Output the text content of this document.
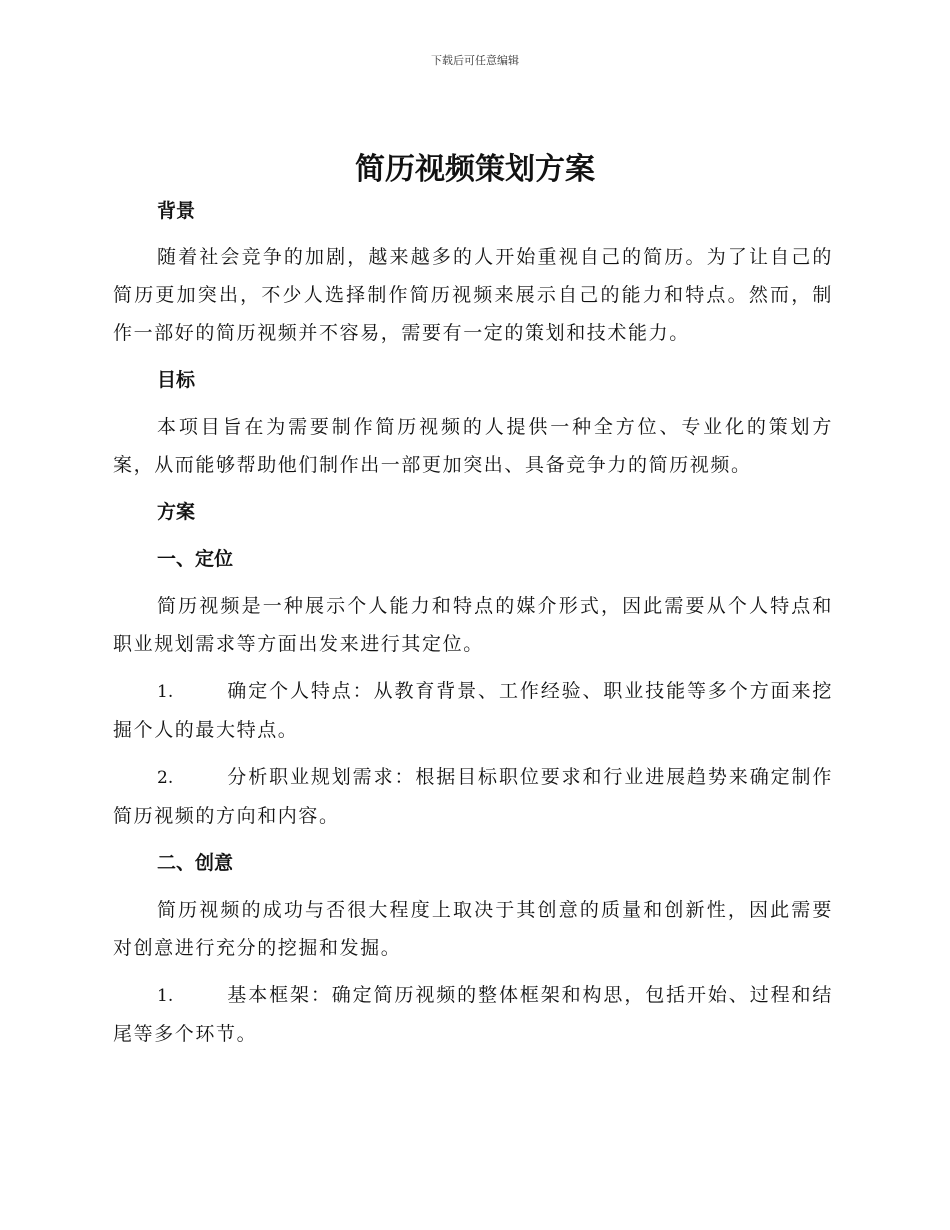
下载后可任意编辑
简历视频策划方案

背景

随着社会竞争的加剧，越来越多的人开始重视自己的简历。为了让自己的简历更加突出，不少人选择制作简历视频来展示自己的能力和特点。然而，制作一部好的简历视频并不容易，需要有一定的策划和技术能力。

目标

本项目旨在为需要制作简历视频的人提供一种全方位、专业化的策划方案，从而能够帮助他们制作出一部更加突出、具备竞争力的简历视频。

方案

一、定位

简历视频是一种展示个人能力和特点的媒介形式，因此需要从个人特点和职业规划需求等方面出发来进行其定位。

1.	确定个人特点：从教育背景、工作经验、职业技能等多个方面来挖掘个人的最大特点。

2.	分析职业规划需求：根据目标职位要求和行业进展趋势来确定制作简历视频的方向和内容。

二、创意

简历视频的成功与否很大程度上取决于其创意的质量和创新性，因此需要对创意进行充分的挖掘和发掘。

1.	基本框架：确定简历视频的整体框架和构思，包括开始、过程和结尾等多个环节。
